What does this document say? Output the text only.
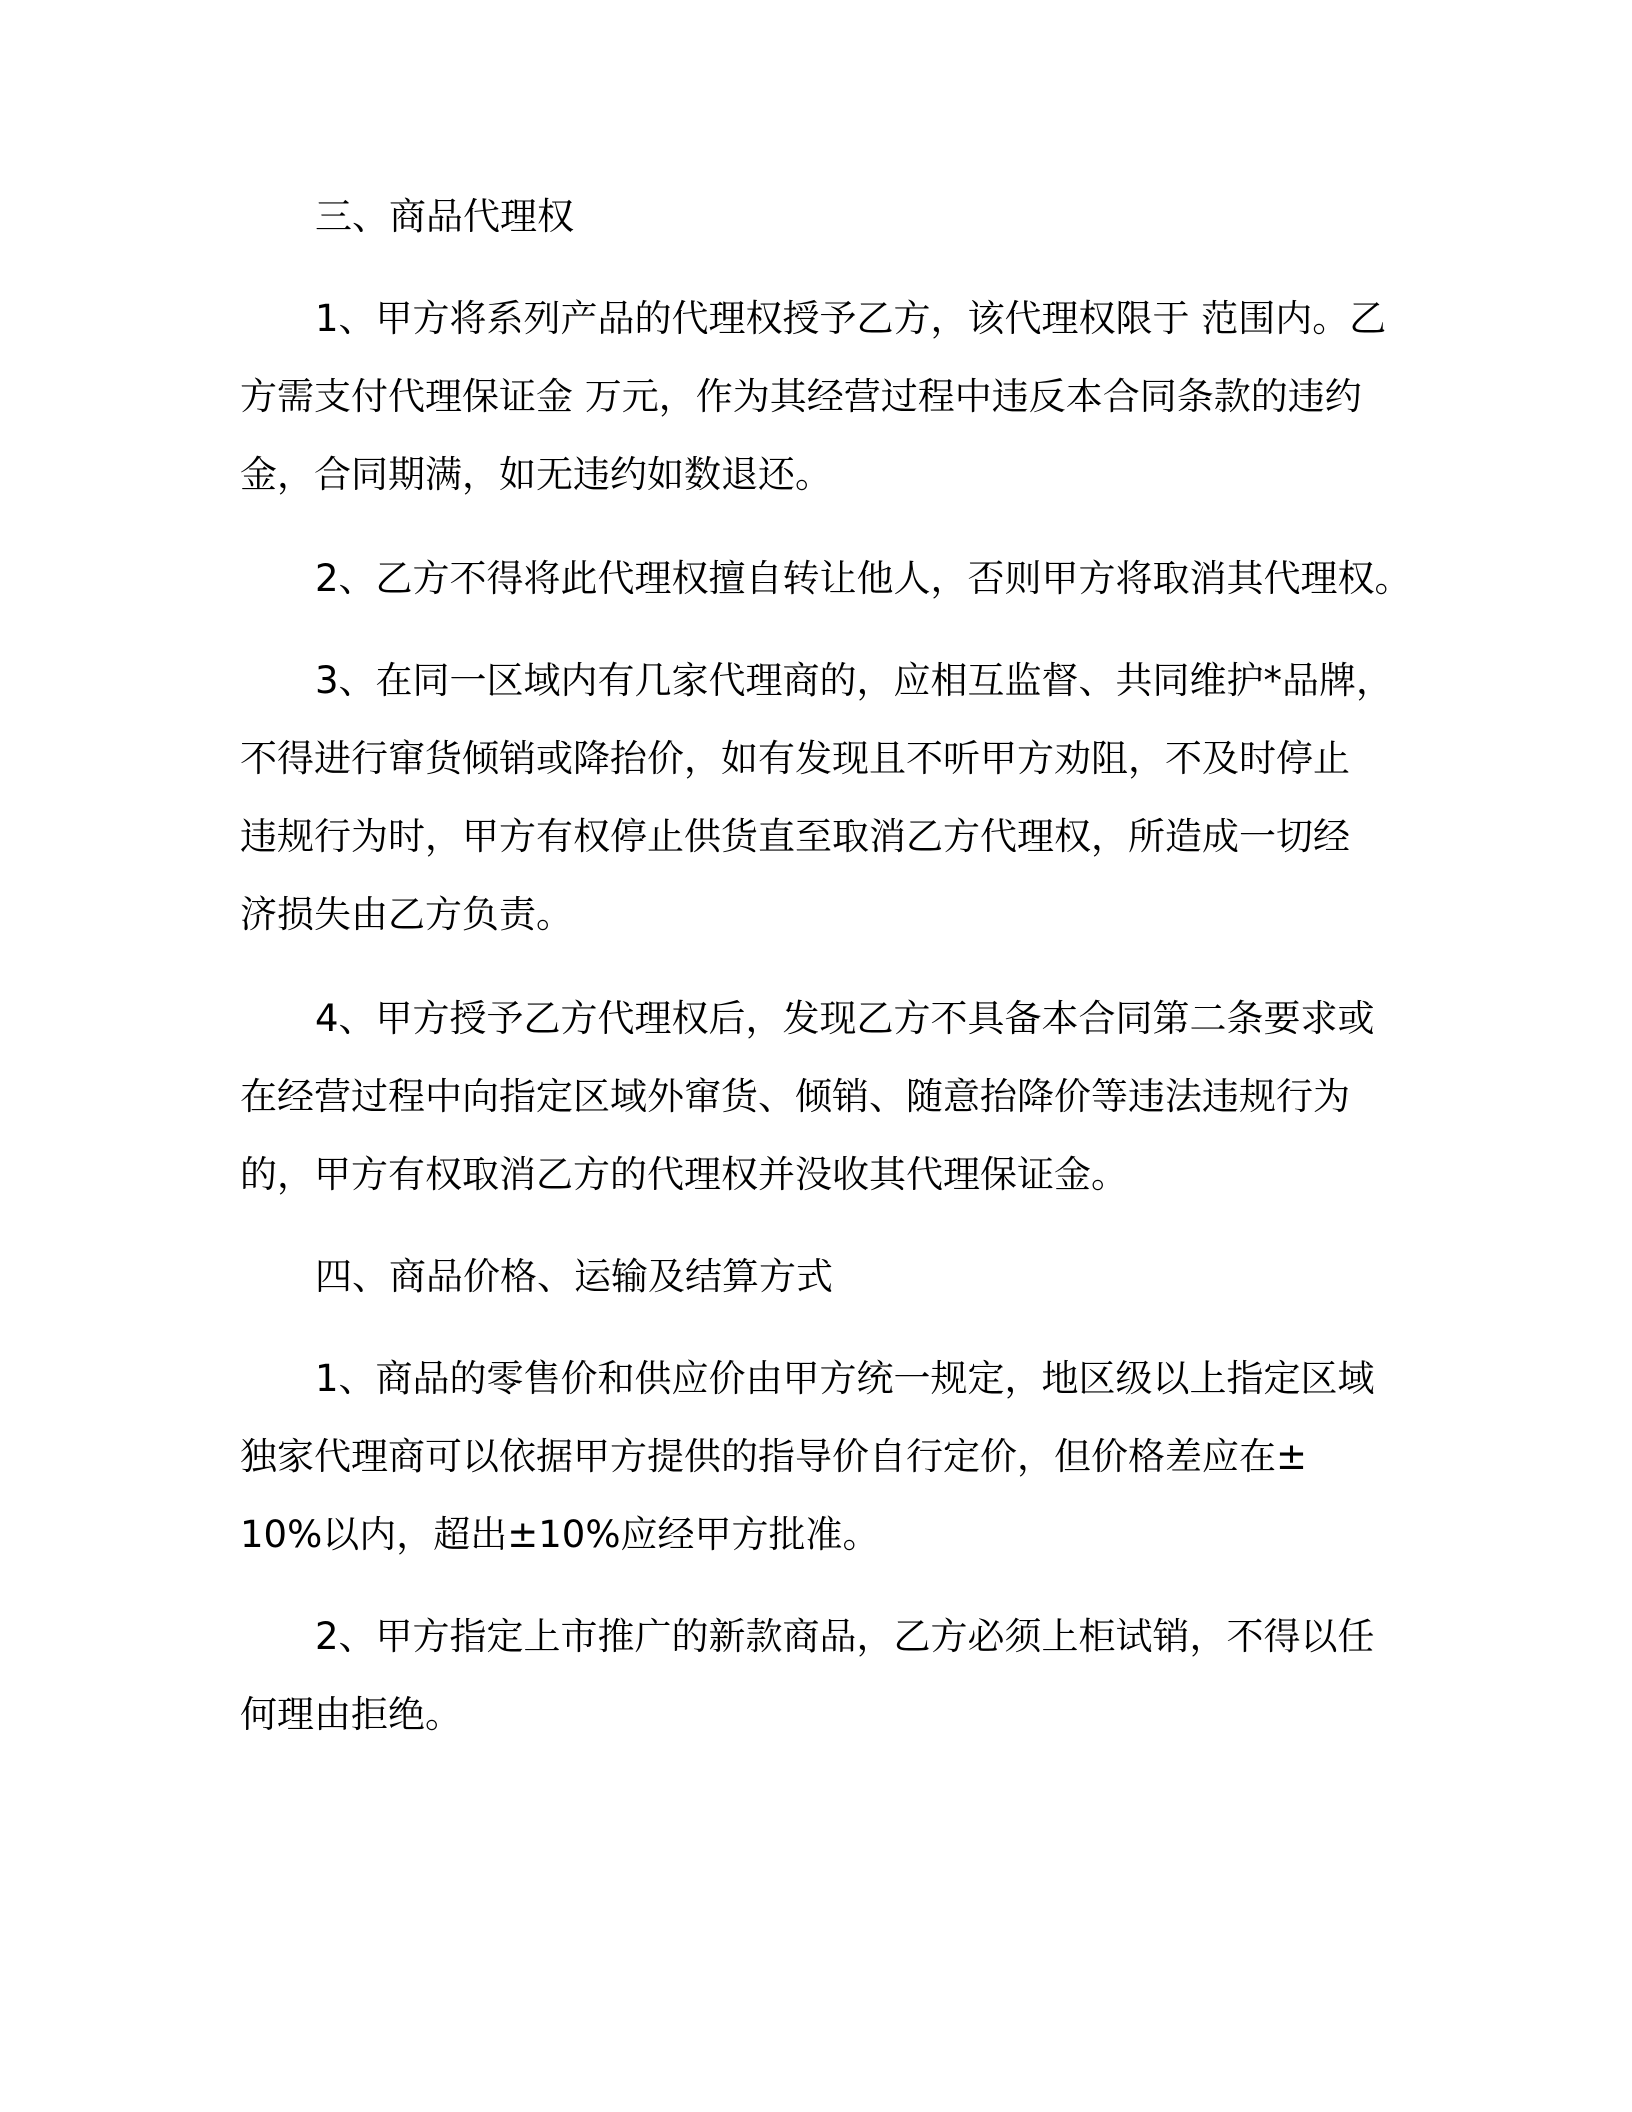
三、商品代理权

1、甲方将系列产品的代理权授予乙方，该代理权限于 范围内。乙

方需支付代理保证金 万元，作为其经营过程中违反本合同条款的违约

金，合同期满，如无违约如数退还。

2、乙方不得将此代理权擅自转让他人，否则甲方将取消其代理权。

3、在同一区域内有几家代理商的，应相互监督、共同维护*品牌，

不得进行窜货倾销或降抬价，如有发现且不听甲方劝阻，不及时停止

违规行为时，甲方有权停止供货直至取消乙方代理权，所造成一切经

济损失由乙方负责。

4、甲方授予乙方代理权后，发现乙方不具备本合同第二条要求或

在经营过程中向指定区域外窜货、倾销、随意抬降价等违法违规行为

的，甲方有权取消乙方的代理权并没收其代理保证金。

四、商品价格、运输及结算方式

1、商品的零售价和供应价由甲方统一规定，地区级以上指定区域

独家代理商可以依据甲方提供的指导价自行定价，但价格差应在±

10%以内，超出±10%应经甲方批准。

2、甲方指定上市推广的新款商品，乙方必须上柜试销，不得以任

何理由拒绝。
